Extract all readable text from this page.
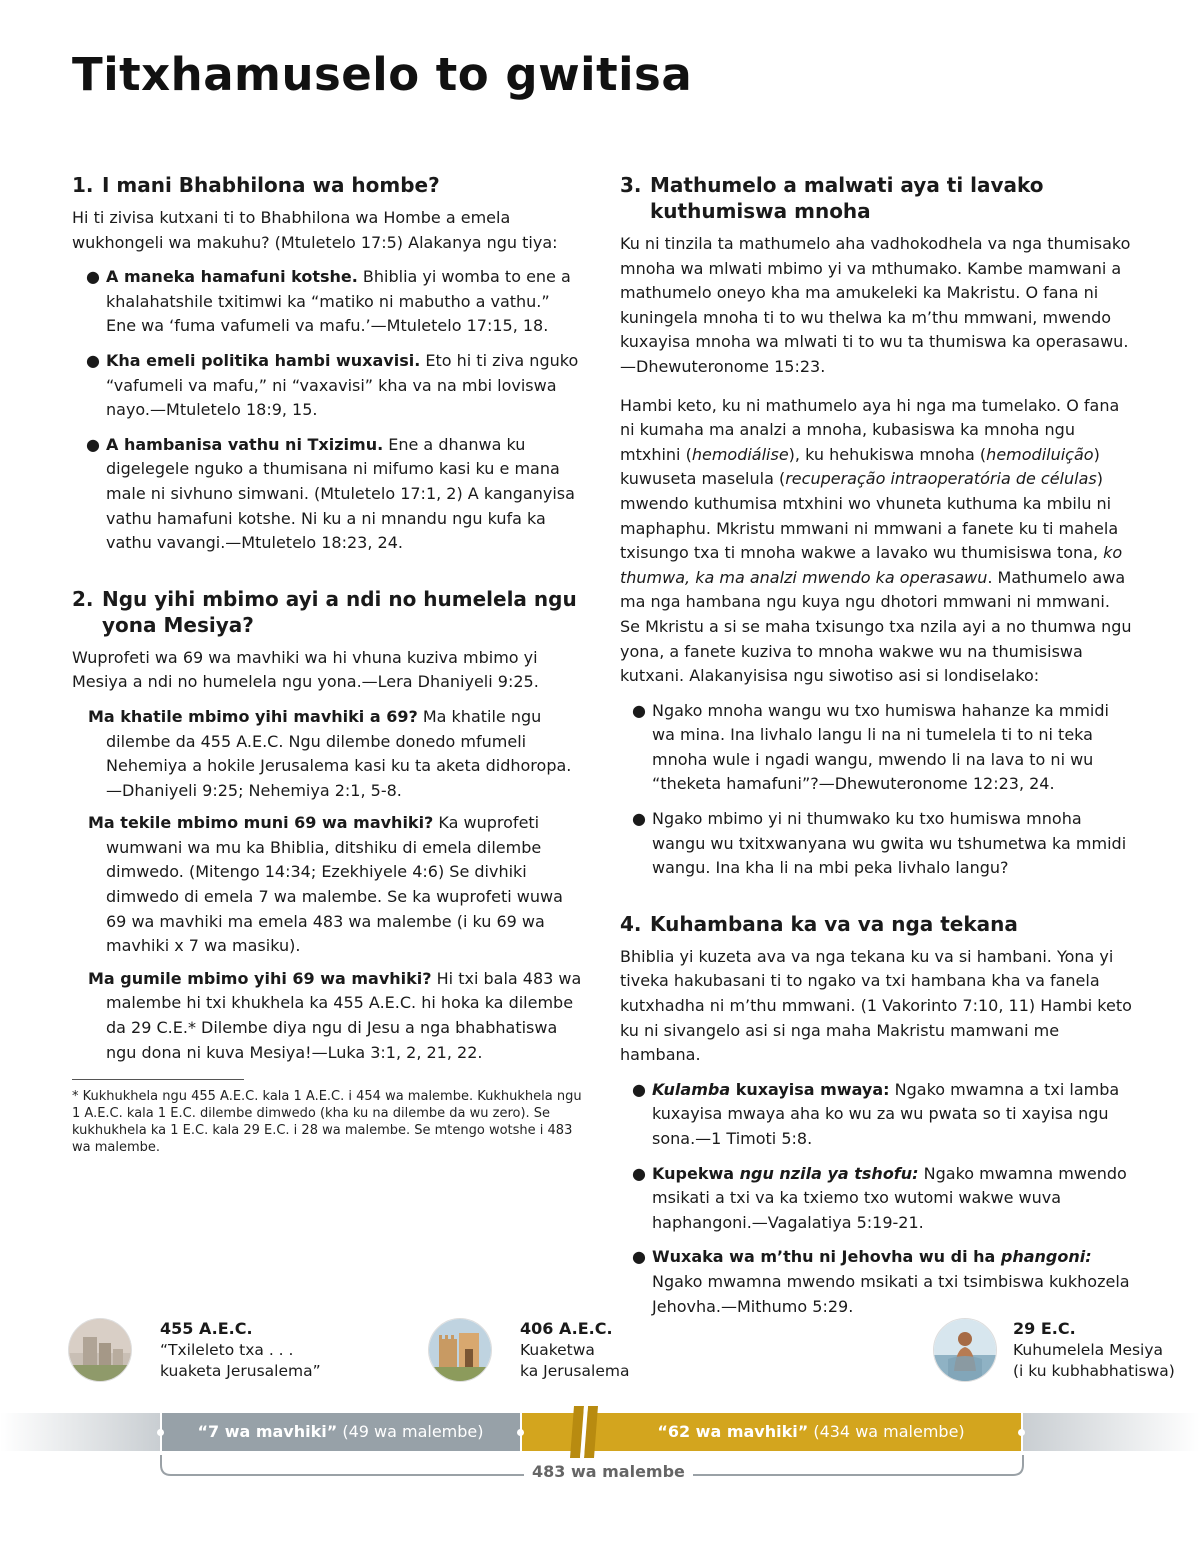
Titxhamuselo to gwitisa
1. I mani Bhabhilona wa hombe?

Hi ti zivisa kutxani ti to Bhabhilona wa Hombe a emela wukhongeli wa makuhu? (Mtuletelo 17:5) Alakanya ngu tiya:

● A maneka hamafuni kotshe. Bhiblia yi womba to ene a khalahatshile txitimwi ka “matiko ni mabutho a vathu.” Ene wa ‘fuma vafumeli va mafu.’—Mtuletelo 17:15, 18.
● Kha emeli politika hambi wuxavisi. Eto hi ti ziva nguko “vafumeli va mafu,” ni “vaxavisi” kha va na mbi loviswa nayo.—Mtuletelo 18:9, 15.
● A hambanisa vathu ni Txizimu. Ene a dhanwa ku digelegele nguko a thumisana ni mifumo kasi ku e mana male ni sivhuno simwani. (Mtuletelo 17:1, 2) A kanganyisa vathu hamafuni kotshe. Ni ku a ni mnandu ngu kufa ka vathu vavangi.—Mtuletelo 18:23, 24.
2. Ngu yihi mbimo ayi a ndi no humelela ngu yona Mesiya?

Wuprofeti wa 69 wa mavhiki wa hi vhuna kuziva mbimo yi Mesiya a ndi no humelela ngu yona.—Lera Dhaniyeli 9:25.

Ma khatile mbimo yihi mavhiki a 69? Ma khatile ngu dilembe da 455 A.E.C. Ngu dilembe donedo mfumeli Nehemiya a hokile Jerusalema kasi ku ta aketa didhoropa. —Dhaniyeli 9:25; Nehemiya 2:1, 5-8.

Ma tekile mbimo muni 69 wa mavhiki? Ka wuprofeti wumwani wa mu ka Bhiblia, ditshiku di emela dilembe dimwedo. (Mitengo 14:34; Ezekhiyele 4:6) Se divhiki dimwedo di emela 7 wa malembe. Se ka wuprofeti wuwa 69 wa mavhiki ma emela 483 wa malembe (i ku 69 wa mavhiki x 7 wa masiku).

Ma gumile mbimo yihi 69 wa mavhiki? Hi txi bala 483 wa malembe hi txi khukhela ka 455 A.E.C. hi hoka ka dilembe da 29 C.E.* Dilembe diya ngu di Jesu a nga bhabhatiswa ngu dona ni kuva Mesiya!—Luka 3:1, 2, 21, 22.

* Kukhukhela ngu 455 A.E.C. kala 1 A.E.C. i 454 wa malembe. Kukhukhela ngu 1 A.E.C. kala 1 E.C. dilembe dimwedo (kha ku na dilembe da wu zero). Se kukhukhela ka 1 E.C. kala 29 E.C. i 28 wa malembe. Se mtengo wotshe i 483 wa malembe.

3. Mathumelo a malwati aya ti lavako kuthumiswa mnoha

Ku ni tinzila ta mathumelo aha vadhokodhela va nga thumisako mnoha wa mlwati mbimo yi va mthumako. Kambe mamwani a mathumelo oneyo kha ma amukeleki ka Makristu. O fana ni kuningela mnoha ti to wu thelwa ka m’thu mmwani, mwendo kuxayisa mnoha wa mlwati ti to wu ta thumiswa ka operasawu.—Dhewuteronome 15:23.

Hambi keto, ku ni mathumelo aya hi nga ma tumelako. O fana ni kumaha ma analzi a mnoha, kubasiswa ka mnoha ngu mtxhini (hemodiálise), ku hehukiswa mnoha (hemodiluição) kuwuseta maselula (recuperação intraoperatória de células) mwendo kuthumisa mtxhini wo vhuneta kuthuma ka mbilu ni maphaphu. Mkristu mmwani ni mmwani a fanete ku ti mahela txisungo txa ti mnoha wakwe a lavako wu thumisiswa tona, ko thumwa, ka ma analzi mwendo ka operasawu. Mathumelo awa ma nga hambana ngu kuya ngu dhotori mmwani ni mmwani. Se Mkristu a si se maha txisungo txa nzila ayi a no thumwa ngu yona, a fanete kuziva to mnoha wakwe wu na thumisiswa kutxani. Alakanyisisa ngu siwotiso asi si londiselako:

● Ngako mnoha wangu wu txo humiswa hahanze ka mmidi wa mina. Ina livhalo langu li na ni tumelela ti to ni teka mnoha wule i ngadi wangu, mwendo li na lava to ni wu “theketa hamafuni”?—Dhewuteronome 12:23, 24.
● Ngako mbimo yi ni thumwako ku txo humiswa mnoha wangu wu txitxwanyana wu gwita wu tshumetwa ka mmidi wangu. Ina kha li na mbi peka livhalo langu?
4. Kuhambana ka va va nga tekana

Bhiblia yi kuzeta ava va nga tekana ku va si hambani. Yona yi tiveka hakubasani ti to ngako va txi hambana kha va fanela kutxhadha ni m’thu mmwani. (1 Vakorinto 7:10, 11) Hambi keto ku ni sivangelo asi si nga maha Makristu mamwani me hambana.

● Kulamba kuxayisa mwaya: Ngako mwamna a txi lamba kuxayisa mwaya aha ko wu za wu pwata so ti xayisa ngu sona.—1 Timoti 5:8.
● Kupekwa ngu nzila ya tshofu: Ngako mwamna mwendo msikati a txi va ka txiemo txo wutomi wakwe wuva haphangoni.—Vagalatiya 5:19-21.
● Wuxaka wa m’thu ni Jehovha wu di ha phangoni: Ngako mwamna mwendo msikati a txi tsimbiswa kukhozela Jehovha.—Mithumo 5:29.
455 A.E.C.
“Txileleto txa . . .
kuaketa Jerusalema”
406 A.E.C.
Kuaketwa
ka Jerusalema
29 E.C.
Kuhumelela Mesiya
(i ku kubhabhatiswa)
“7 wa mavhiki” (49 wa malembe)	“62 wa mavhiki” (434 wa malembe)
483 wa malembe
